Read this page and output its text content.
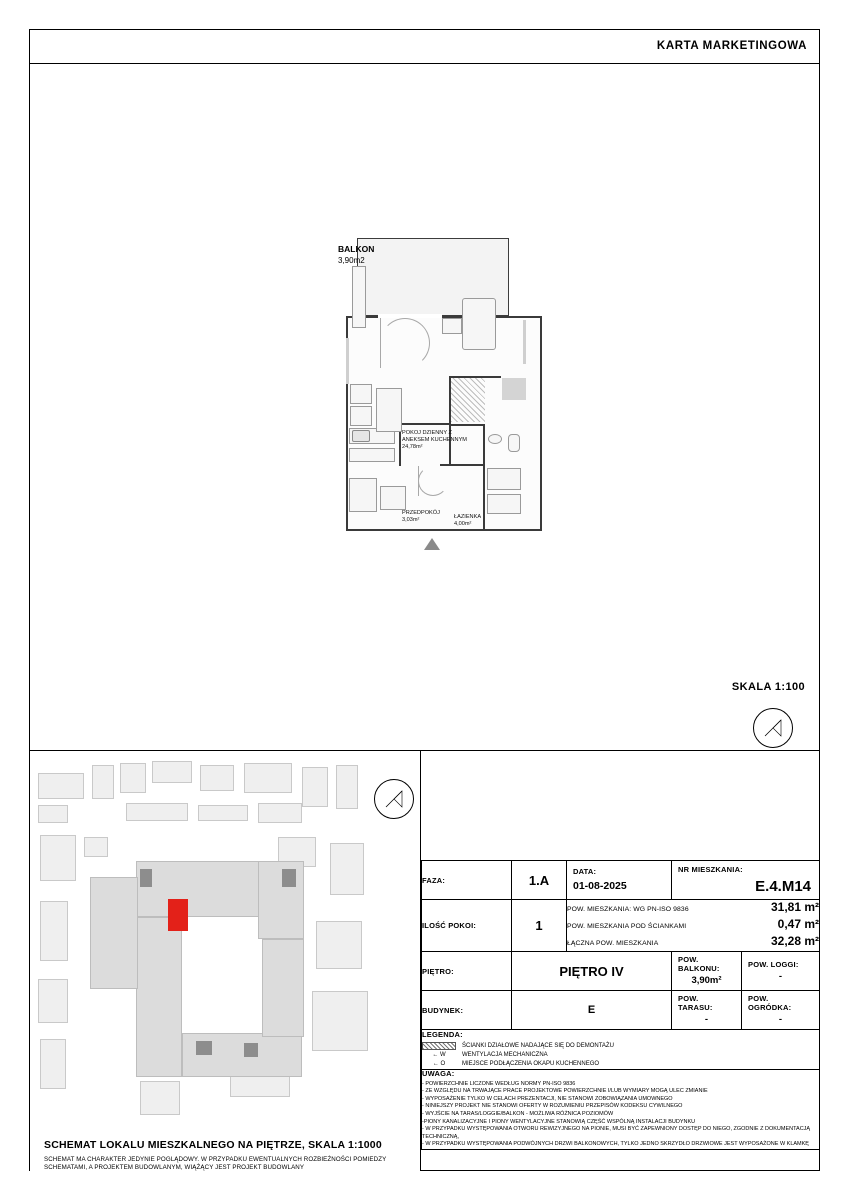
KARTA MARKETINGOWA
BALKON
3,90m2
POKOJ DZIENNY Z
ANEKSEM KUCHENNYM
24,78m²
PRZEDPOKÓJ
3,03m²	ŁAZIENKA
4,00m²
SKALA 1:100
SCHEMAT LOKALU MIESZKALNEGO NA PIĘTRZE, SKALA 1:1000
SCHEMAT MA CHARAKTER JEDYNIE POGLĄDOWY. W PRZYPADKU EWENTUALNYCH ROZBIEŻNOŚCI POMIEDZY SCHEMATAMI, A PROJEKTEM BUDOWLANYM, WIĄŻĄCY JEST PROJEKT BUDOWLANY
FAZA:	1.A	
DATA:
01-08-2025

NR MIESZKANIA:
E.4.M14

ILOŚĆ POKOI:	1	
POW. MIESZKANIA: WG PN-ISO 9836	31,81 m²
POW. MIESZKANIA POD ŚCIANKAMI	0,47 m²
ŁĄCZNA POW. MIESZKANIA	32,28 m²

PIĘTRO:	PIĘTRO IV	
POW. BALKONU:
3,90m²

POW. LOGGI:
-

BUDYNEK:	E	
POW. TARASU:
-

POW. OGRÓDKA:
-

LEGENDA:
ŚCIANKI DZIAŁOWE NADAJĄCE SIĘ DO DEMONTAŻU
← W	WENTYLACJA MECHANICZNA
← O	MIEJSCE PODŁĄCZENIA OKAPU KUCHENNEGO

UWAGA:
- POWIERZCHNIE LICZONE WEDŁUG NORMY PN-ISO 9836
- ZE WZGLĘDU NA TRWAJĄCE PRACE PROJEKTOWE POWIERZCHNIE I/LUB WYMIARY MOGĄ ULEC ZMIANIE
- WYPOSAŻENIE TYLKO W CELACH PREZENTACJI, NIE STANOWI ZOBOWIĄZANIA UMOWNEGO
- NINIEJSZY PROJEKT NIE STANOWI OFERTY W ROZUMIENIU PRZEPISÓW KODEKSU CYWILNEGO
- WYJŚCIE NA TARAS/LOGGIE/BALKON - MOŻLIWA RÓŻNICA POZIOMÓW
-PIONY KANALIZACYJNE I PIONY WENTYLACYJNE STANOWIĄ CZĘŚĆ WSPÓLNĄ INSTALACJI BUDYNKU
- W PRZYPADKU WYSTĘPOWANIA OTWORU REWIZYJNEGO NA PIONIE, MUSI BYĆ ZAPEWNIONY DOSTĘP DO NIEGO, ZGODNIE Z DOKUMENTACJĄ TECHNICZNĄ,
- W PRZYPADKU WYSTĘPOWANIA PODWÓJNYCH DRZWI BALKONOWYCH, TYLKO JEDNO SKRZYDŁO DRZWIOWE JEST WYPOSAŻONE W KLAMKĘ
